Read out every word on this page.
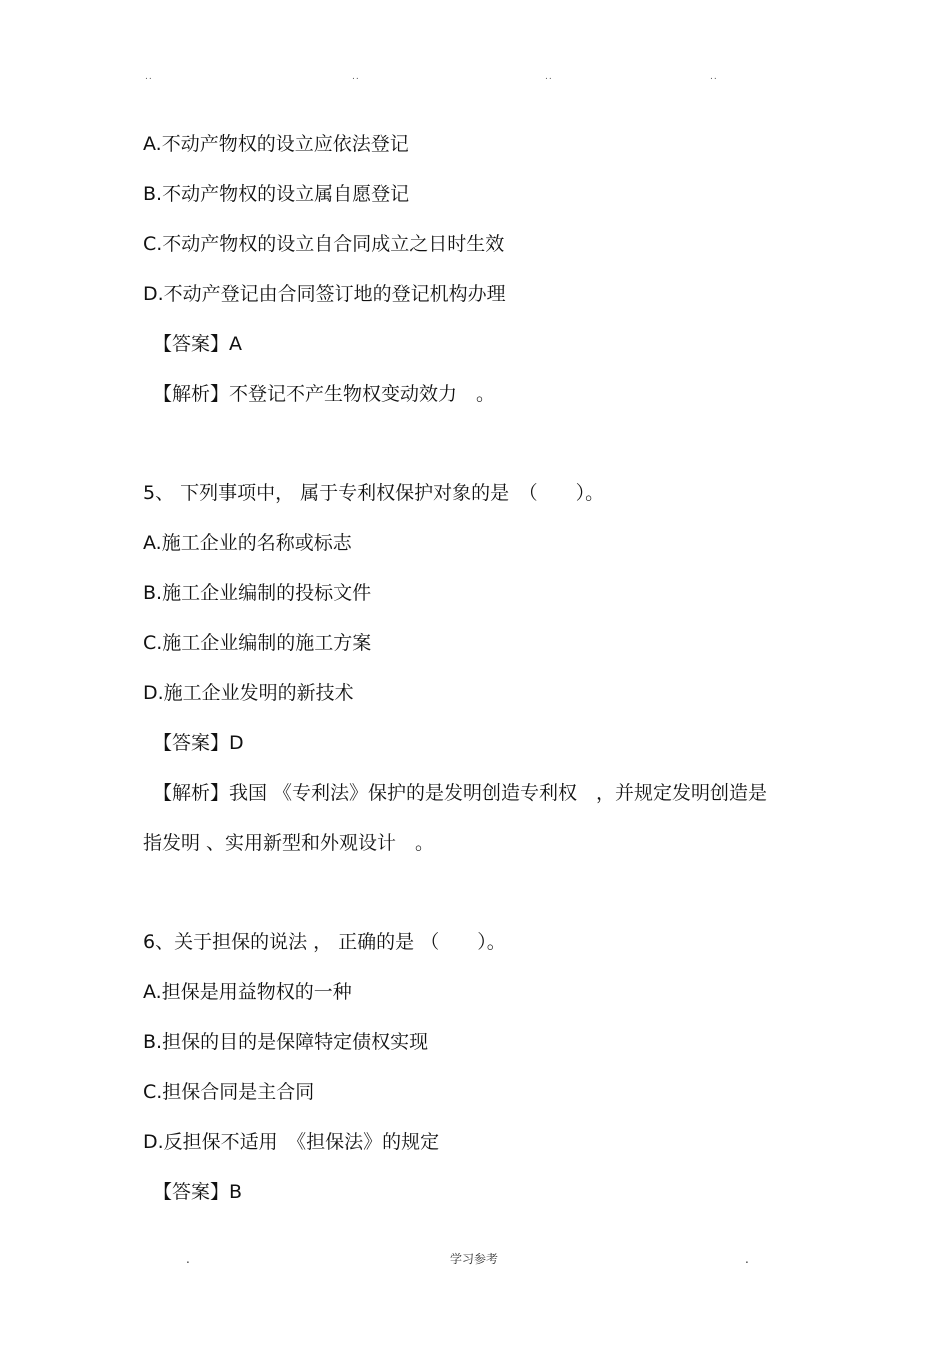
..	..	..	..
A.不动产物权的设立应依法登记
B.不动产物权的设立属自愿登记
C.不动产物权的设立自合同成立之日时生效
D.不动产登记由合同签订地的登记机构办理
【答案】A
【解析】不登记不产生物权变动效力　。
5、 下列事项中， 属于专利权保护对象的是　（　　）。
A.施工企业的名称或标志
B.施工企业编制的投标文件
C.施工企业编制的施工方案
D.施工企业发明的新技术
【答案】D
【解析】我国 《专利法》保护的是发明创造专利权　，并规定发明创造是
指发明 、实用新型和外观设计　。
6、关于担保的说法 ， 正确的是 （　　）。
A.担保是用益物权的一种
B.担保的目的是保障特定债权实现
C.担保合同是主合同
D.反担保不适用　《担保法》的规定
【答案】B
.	学习参考	.
